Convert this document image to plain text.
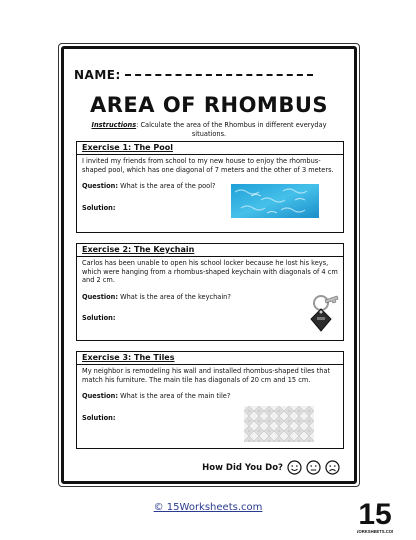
NAME:
AREA OF RHOMBUS
Instructions: Calculate the area of the Rhombus in different everyday situations.
Exercise 1: The Pool
I invited my friends from school to my new house to enjoy the rhombus-shaped pool, which has one diagonal of 7 meters and the other of 3 meters.
Question: What is the area of the pool?
Solution:
Exercise 2: The Keychain
Carlos has been unable to open his school locker because he lost his keys, which were hanging from a rhombus-shaped keychain with diagonals of 4 cm and 2 cm.
Question: What is the area of the keychain?
Solution:
Exercise 3: The Tiles
My neighbor is remodeling his wall and installed rhombus-shaped tiles that match his furniture. The main tile has diagonals of 20 cm and 15 cm.
Question: What is the area of the main tile?
Solution:
How Did You Do?
© 15Worksheets.com	15
ORKSHEETS.CO
